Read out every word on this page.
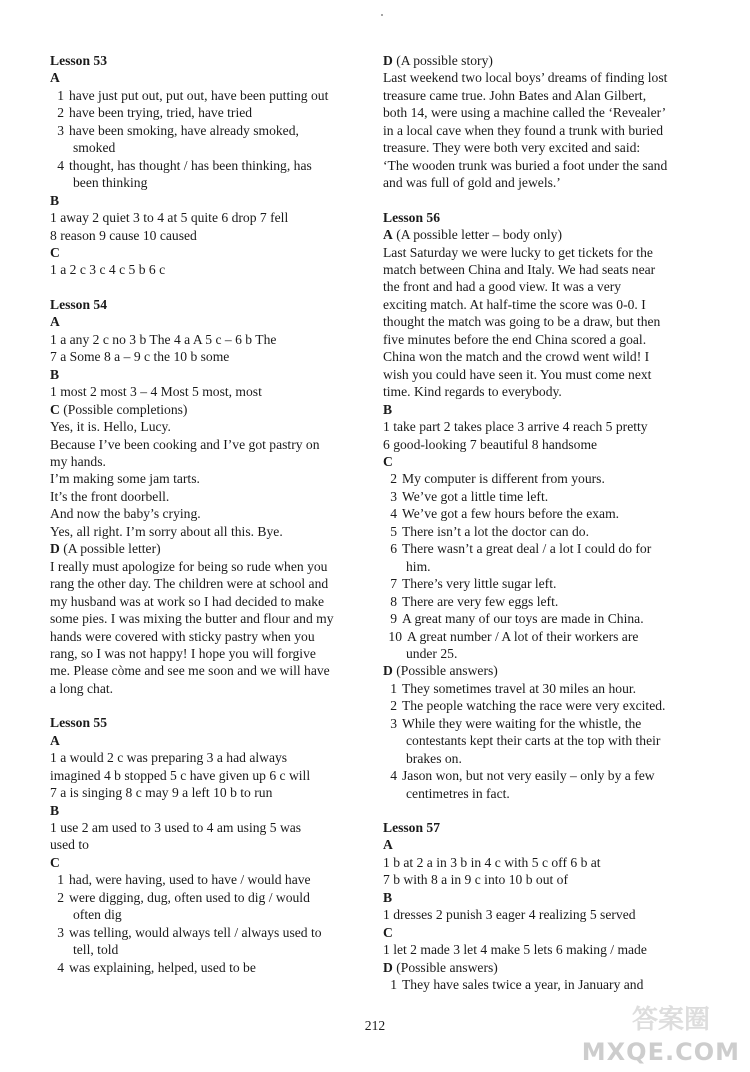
Lesson 53
A
1 have just put out, put out, have been putting out
2 have been trying, tried, have tried
3 have been smoking, have already smoked,
smoked
4 thought, has thought / has been thinking, has
been thinking
B
1 away 2 quiet 3 to 4 at 5 quite 6 drop 7 fell
8 reason 9 cause 10 caused
C
1 a 2 c 3 c 4 c 5 b 6 c
Lesson 54
A
1 a any 2 c no 3 b The 4 a A 5 c – 6 b The
7 a Some 8 a – 9 c the 10 b some
B
1 most 2 most 3 – 4 Most 5 most, most
C (Possible completions)
Yes, it is. Hello, Lucy.
Because I’ve been cooking and I’ve got pastry on
my hands.
I’m making some jam tarts.
It’s the front doorbell.
And now the baby’s crying.
Yes, all right. I’m sorry about all this. Bye.
D (A possible letter)
I really must apologize for being so rude when you
rang the other day. The children were at school and
my husband was at work so I had decided to make
some pies. I was mixing the butter and flour and my
hands were covered with sticky pastry when you
rang, so I was not happy! I hope you will forgive
me. Please còme and see me soon and we will have
a long chat.
Lesson 55
A
1 a would 2 c was preparing 3 a had always
imagined 4 b stopped 5 c have given up 6 c will
7 a is singing 8 c may 9 a left 10 b to run
B
1 use 2 am used to 3 used to 4 am using 5 was
used to
C
1 had, were having, used to have / would have
2 were digging, dug, often used to dig / would
often dig
3 was telling, would always tell / always used to
tell, told
4 was explaining, helped, used to be
D (A possible story)
Last weekend two local boys’ dreams of finding lost
treasure came true. John Bates and Alan Gilbert,
both 14, were using a machine called the ‘Revealer’
in a local cave when they found a trunk with buried
treasure. They were both very excited and said:
‘The wooden trunk was buried a foot under the sand
and was full of gold and jewels.’
Lesson 56
A (A possible letter – body only)
Last Saturday we were lucky to get tickets for the
match between China and Italy. We had seats near
the front and had a good view. It was a very
exciting match. At half-time the score was 0-0. I
thought the match was going to be a draw, but then
five minutes before the end China scored a goal.
China won the match and the crowd went wild! I
wish you could have seen it. You must come next
time. Kind regards to everybody.
B
1 take part 2 takes place 3 arrive 4 reach 5 pretty
6 good-looking 7 beautiful 8 handsome
C
2 My computer is different from yours.
3 We’ve got a little time left.
4 We’ve got a few hours before the exam.
5 There isn’t a lot the doctor can do.
6 There wasn’t a great deal / a lot I could do for
him.
7 There’s very little sugar left.
8 There are very few eggs left.
9 A great many of our toys are made in China.
10 A great number / A lot of their workers are
under 25.
D (Possible answers)
1 They sometimes travel at 30 miles an hour.
2 The people watching the race were very excited.
3 While they were waiting for the whistle, the
contestants kept their carts at the top with their
brakes on.
4 Jason won, but not very easily – only by a few
centimetres in fact.
Lesson 57
A
1 b at 2 a in 3 b in 4 c with 5 c off 6 b at
7 b with 8 a in 9 c into 10 b out of
B
1 dresses 2 punish 3 eager 4 realizing 5 served
C
1 let 2 made 3 let 4 make 5 lets 6 making / made
D (Possible answers)
1 They have sales twice a year, in January and
212	答案圈
MXQE.COM
